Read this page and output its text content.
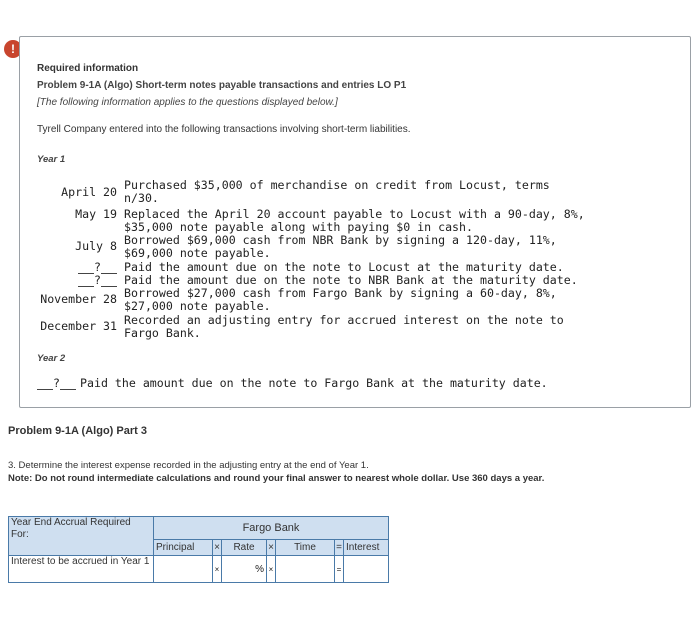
!
Required information
Problem 9-1A (Algo) Short-term notes payable transactions and entries LO P1
[The following information applies to the questions displayed below.]
Tyrell Company entered into the following transactions involving short-term liabilities.
Year 1
April 20 Purchased $35,000 of merchandise on credit from Locust, terms
n/30.
May 19 Replaced the April 20 account payable to Locust with a 90-day, 8%,
$35,000 note payable along with paying $0 in cash.
July 8 Borrowed $69,000 cash from NBR Bank by signing a 120-day, 11%,
$69,000 note payable.
?	Paid the amount due on the note to Locust at the maturity date.
?	Paid the amount due on the note to NBR Bank at the maturity date.
November 28 Borrowed $27,000 cash from Fargo Bank by signing a 60-day, 8%,
$27,000 note payable.
December 31 Recorded an adjusting entry for accrued interest on the note to
Fargo Bank.
Year 2
?	Paid the amount due on the note to Fargo Bank at the maturity date.
Problem 9-1A (Algo) Part 3
3. Determine the interest expense recorded in the adjusting entry at the end of Year 1.
Note: Do not round intermediate calculations and round your final answer to nearest whole dollar. Use 360 days a year.
Year End Accrual Required For:	Fargo Bank						
	Principal	×	Rate	×	Time	=	Interest
Interest to be accrued in Year 1		×	%	×		=	
